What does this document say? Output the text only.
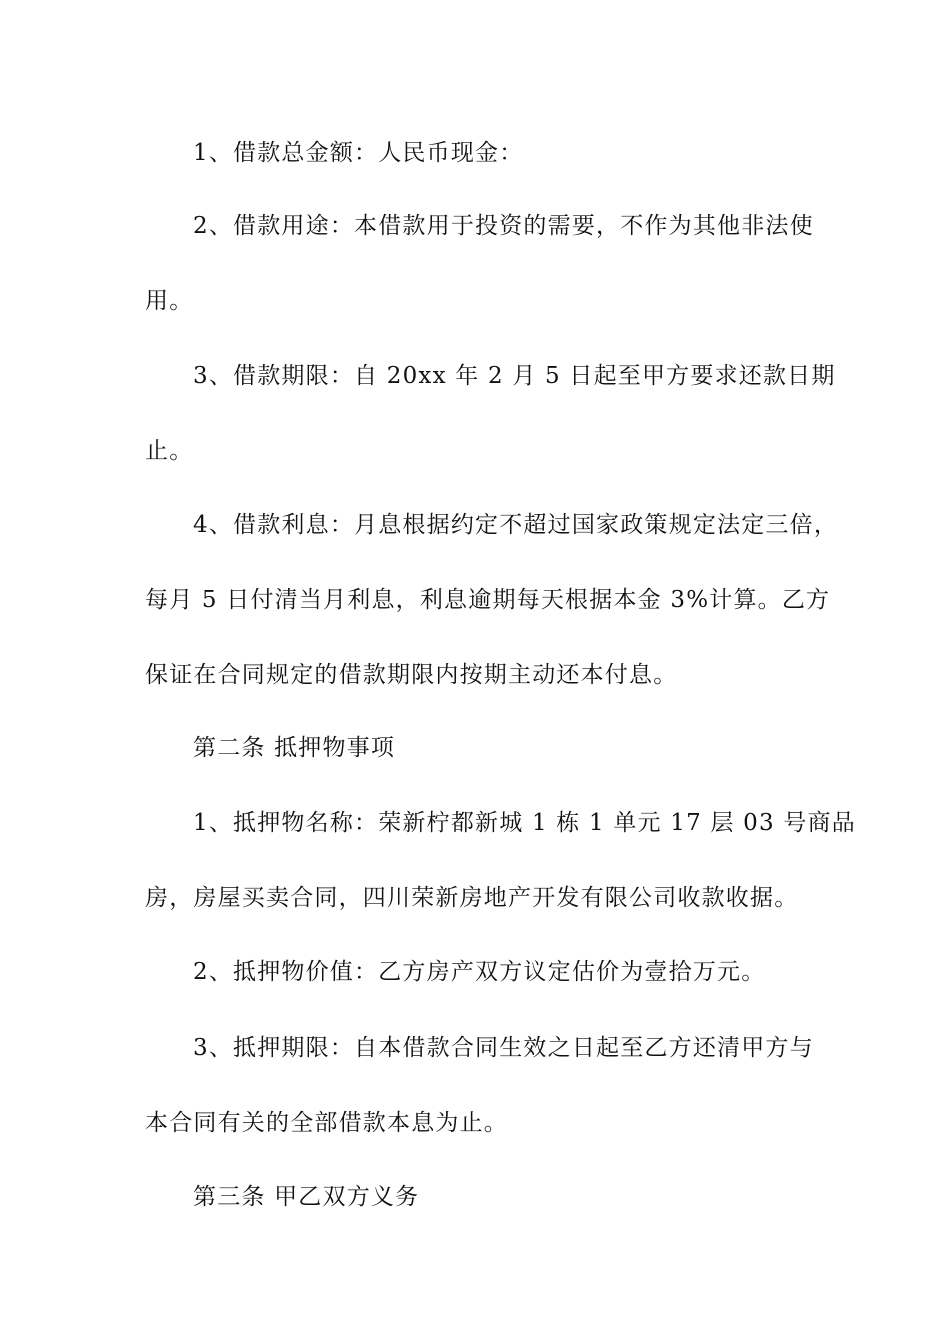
1、借款总金额：人民币现金：
2、借款用途：本借款用于投资的需要，不作为其他非法使
用。
3、借款期限：自 20xx 年 2 月 5 日起至甲方要求还款日期
止。
4、借款利息：月息根据约定不超过国家政策规定法定三倍，
每月 5 日付清当月利息，利息逾期每天根据本金 3%计算。乙方
保证在合同规定的借款期限内按期主动还本付息。
第二条 抵押物事项
1、抵押物名称：荣新柠都新城 1 栋 1 单元 17 层 03 号商品
房，房屋买卖合同，四川荣新房地产开发有限公司收款收据。
2、抵押物价值：乙方房产双方议定估价为壹拾万元。
3、抵押期限：自本借款合同生效之日起至乙方还清甲方与
本合同有关的全部借款本息为止。
第三条 甲乙双方义务
